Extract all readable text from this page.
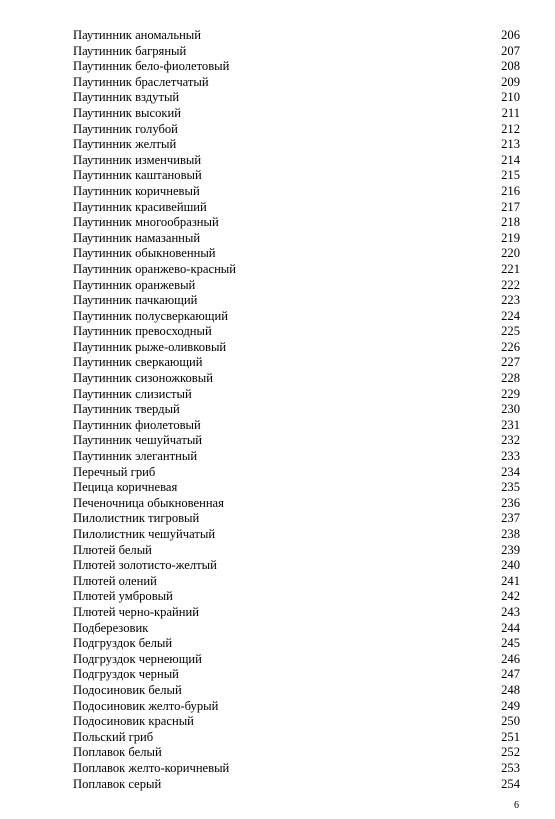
Паутинник аномальный	206
Паутинник багряный	207
Паутинник бело-фиолетовый	208
Паутинник браслетчатый	209
Паутинник вздутый	210
Паутинник высокий	211
Паутинник голубой	212
Паутинник желтый	213
Паутинник изменчивый	214
Паутинник каштановый	215
Паутинник коричневый	216
Паутинник красивейший	217
Паутинник многообразный	218
Паутинник намазанный	219
Паутинник обыкновенный	220
Паутинник оранжево-красный	221
Паутинник оранжевый	222
Паутинник пачкающий	223
Паутинник полусверкающий	224
Паутинник превосходный	225
Паутинник рыже-оливковый	226
Паутинник сверкающий	227
Паутинник сизоножковый	228
Паутинник слизистый	229
Паутинник твердый	230
Паутинник фиолетовый	231
Паутинник чешуйчатый	232
Паутинник элегантный	233
Перечный гриб	234
Пецица коричневая	235
Печеночница обыкновенная	236
Пилолистник тигровый	237
Пилолистник чешуйчатый	238
Плютей белый	239
Плютей золотисто-желтый	240
Плютей олений	241
Плютей умбровый	242
Плютей черно-крайний	243
Подберезовик	244
Подгруздок белый	245
Подгруздок чернеющий	246
Подгруздок черный	247
Подосиновик белый	248
Подосиновик желто-бурый	249
Подосиновик красный	250
Польский гриб	251
Поплавок белый	252
Поплавок желто-коричневый	253
Поплавок серый	254
6
